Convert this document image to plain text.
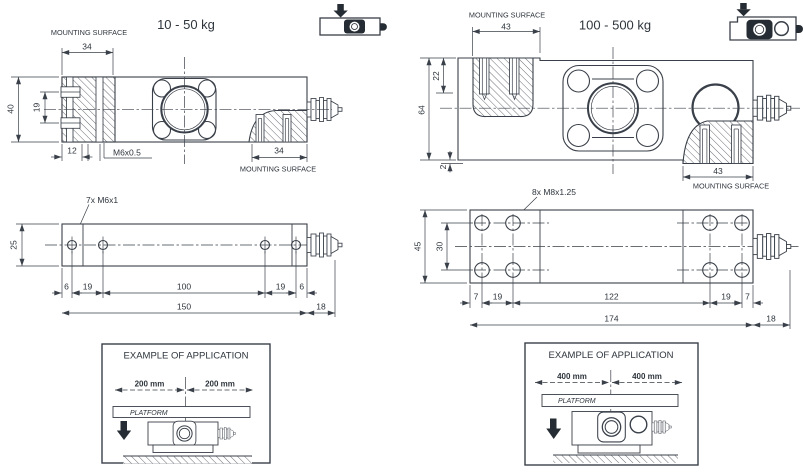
10 - 50 kg
MOUNTING SURFACE
34
40 19
12	M6x0.5	34
MOUNTING SURFACE
7x M6x1
25
6 19	100	19 6
150	18
EXAMPLE OF APPLICATION
200 mm	200 mm
PLATFORM
100 - 500 kg
MOUNTING SURFACE
43
64
22
2	43
MOUNTING SURFACE
8x M8x1.25
45 30
7 19	122	19 7
174	18
EXAMPLE OF APPLICATION
400 mm	400 mm
PLATFORM
